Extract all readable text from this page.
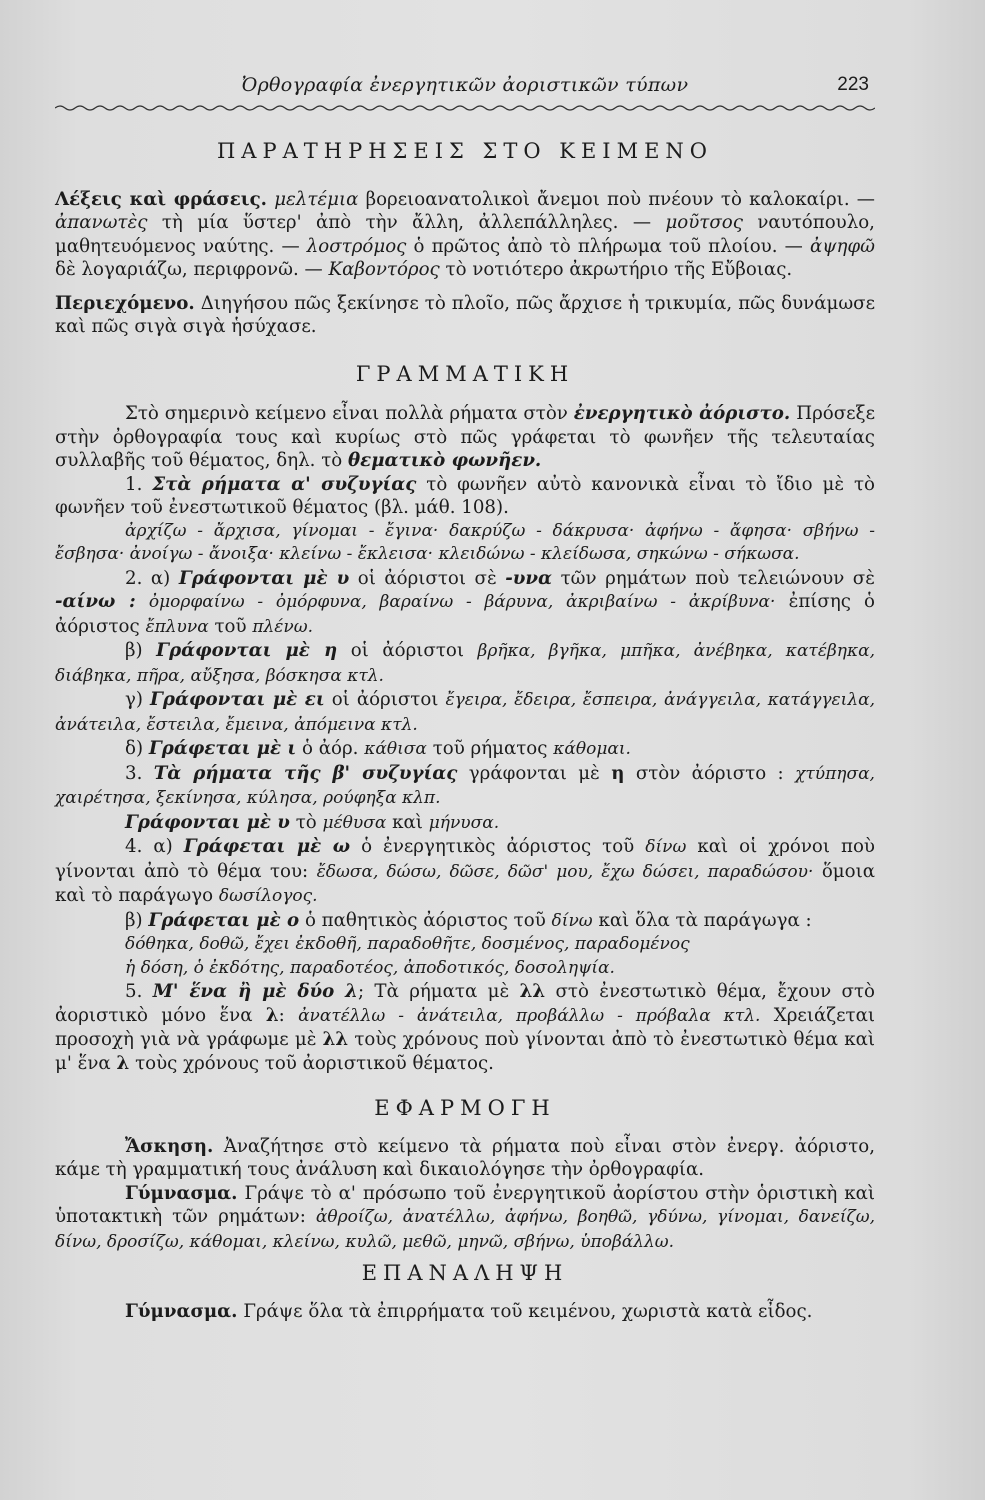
Ὀρθογραφία ἐνεργητικῶν ἀοριστικῶν τύπων	223
ΠΑΡΑΤΗΡΗΣΕΙΣ ΣΤΟ ΚΕΙΜΕΝΟ

Λέξεις καὶ φράσεις. μελτέμια βορειοανατολικοὶ ἄνεμοι ποὺ πνέουν τὸ καλοκαίρι. — ἀπανωτὲς τὴ μία ὕστερ' ἀπὸ τὴν ἄλλη, ἀλλεπάλληλες. — μοῦτσος ναυτόπουλο, μαθητευόμενος ναύτης. — λοστρόμος ὁ πρῶτος ἀπὸ τὸ πλήρωμα τοῦ πλοίου. — ἀψηφῶ δὲ λογαριάζω, περιφρονῶ. — Καβοντόρος τὸ νοτιότερο ἀκρωτήριο τῆς Εὔβοιας.

Περιεχόμενο. Διηγήσου πῶς ξεκίνησε τὸ πλοῖο, πῶς ἄρχισε ἡ τρικυμία, πῶς δυνάμωσε καὶ πῶς σιγὰ σιγὰ ἡσύχασε.

ΓΡΑΜΜΑΤΙΚΗ

Στὸ σημερινὸ κείμενο εἶναι πολλὰ ρήματα στὸν ἐνεργητικὸ ἀόριστο. Πρόσεξε στὴν ὀρθογραφία τους καὶ κυρίως στὸ πῶς γράφεται τὸ φωνῆεν τῆς τελευταίας συλλαβῆς τοῦ θέματος, δηλ. τὸ θεματικὸ φωνῆεν.

1. Στὰ ρήματα α' συζυγίας τὸ φωνῆεν αὐτὸ κανονικὰ εἶναι τὸ ἴδιο μὲ τὸ φωνῆεν τοῦ ἐνεστωτικοῦ θέματος (βλ. μάθ. 108).

ἀρχίζω - ἄρχισα, γίνομαι - ἔγινα· δακρύζω - δάκρυσα· ἀφήνω - ἄφησα· σβήνω - ἔσβησα· ἀνοίγω - ἄνοιξα· κλείνω - ἔκλεισα· κλειδώνω - κλείδωσα, σηκώνω - σήκωσα.

2. α) Γράφονται μὲ υ οἱ ἀόριστοι σὲ -υνα τῶν ρημάτων ποὺ τελειώνουν σὲ -αίνω : ὀμορφαίνω - ὀμόρφυνα, βαραίνω - βάρυνα, ἀκριβαίνω - ἀκρίβυνα· ἐπίσης ὁ ἀόριστος ἔπλυνα τοῦ πλένω.

β) Γράφονται μὲ η οἱ ἀόριστοι βρῆκα, βγῆκα, μπῆκα, ἀνέβηκα, κατέβηκα, διάβηκα, πῆρα, αὔξησα, βόσκησα κτλ.

γ) Γράφονται μὲ ει οἱ ἀόριστοι ἔγειρα, ἔδειρα, ἔσπειρα, ἀνάγγειλα, κατάγγειλα, ἀνάτειλα, ἔστειλα, ἔμεινα, ἀπόμεινα κτλ.

δ) Γράφεται μὲ ι ὁ ἀόρ. κάθισα τοῦ ρήματος κάθομαι.

3. Τὰ ρήματα τῆς β' συζυγίας γράφονται μὲ η στὸν ἀόριστο : χτύπησα, χαιρέτησα, ξεκίνησα, κύλησα, ρούφηξα κλπ.

Γράφονται μὲ υ τὸ μέθυσα καὶ μήνυσα.

4. α) Γράφεται μὲ ω ὁ ἐνεργητικὸς ἀόριστος τοῦ δίνω καὶ οἱ χρόνοι ποὺ γίνονται ἀπὸ τὸ θέμα του: ἔδωσα, δώσω, δῶσε, δῶσ' μου, ἔχω δώσει, παραδώσου· ὅμοια καὶ τὸ παράγωγο δωσίλογος.

β) Γράφεται μὲ ο ὁ παθητικὸς ἀόριστος τοῦ δίνω καὶ ὅλα τὰ παράγωγα :

δόθηκα, δοθῶ, ἔχει ἐκδοθῆ, παραδοθῆτε, δοσμένος, παραδομένος

ἡ δόση, ὁ ἐκδότης, παραδοτέος, ἀποδοτικός, δοσοληψία.

5. Μ' ἕνα ἢ μὲ δύο λ; Τὰ ρήματα μὲ λλ στὸ ἐνεστωτικὸ θέμα, ἔχουν στὸ ἀοριστικὸ μόνο ἕνα λ: ἀνατέλλω - ἀνάτειλα, προβάλλω - πρόβαλα κτλ. Χρειάζεται προσοχὴ γιὰ νὰ γράφωμε μὲ λλ τοὺς χρόνους ποὺ γίνονται ἀπὸ τὸ ἐνεστωτικὸ θέμα καὶ μ' ἕνα λ τοὺς χρόνους τοῦ ἀοριστικοῦ θέματος.

ΕΦΑΡΜΟΓΗ

Ἄσκηση. Ἀναζήτησε στὸ κείμενο τὰ ρήματα ποὺ εἶναι στὸν ἐνεργ. ἀόριστο, κάμε τὴ γραμματική τους ἀνάλυση καὶ δικαιολόγησε τὴν ὀρθογραφία.

Γύμνασμα. Γράψε τὸ α' πρόσωπο τοῦ ἐνεργητικοῦ ἀορίστου στὴν ὁριστικὴ καὶ ὑποτακτικὴ τῶν ρημάτων: ἀθροίζω, ἀνατέλλω, ἀφήνω, βοηθῶ, γδύνω, γίνομαι, δανείζω, δίνω, δροσίζω, κάθομαι, κλείνω, κυλῶ, μεθῶ, μηνῶ, σβήνω, ὑποβάλλω.

ΕΠΑΝΑΛΗΨΗ

Γύμνασμα. Γράψε ὅλα τὰ ἐπιρρήματα τοῦ κειμένου, χωριστὰ κατὰ εἶδος.
